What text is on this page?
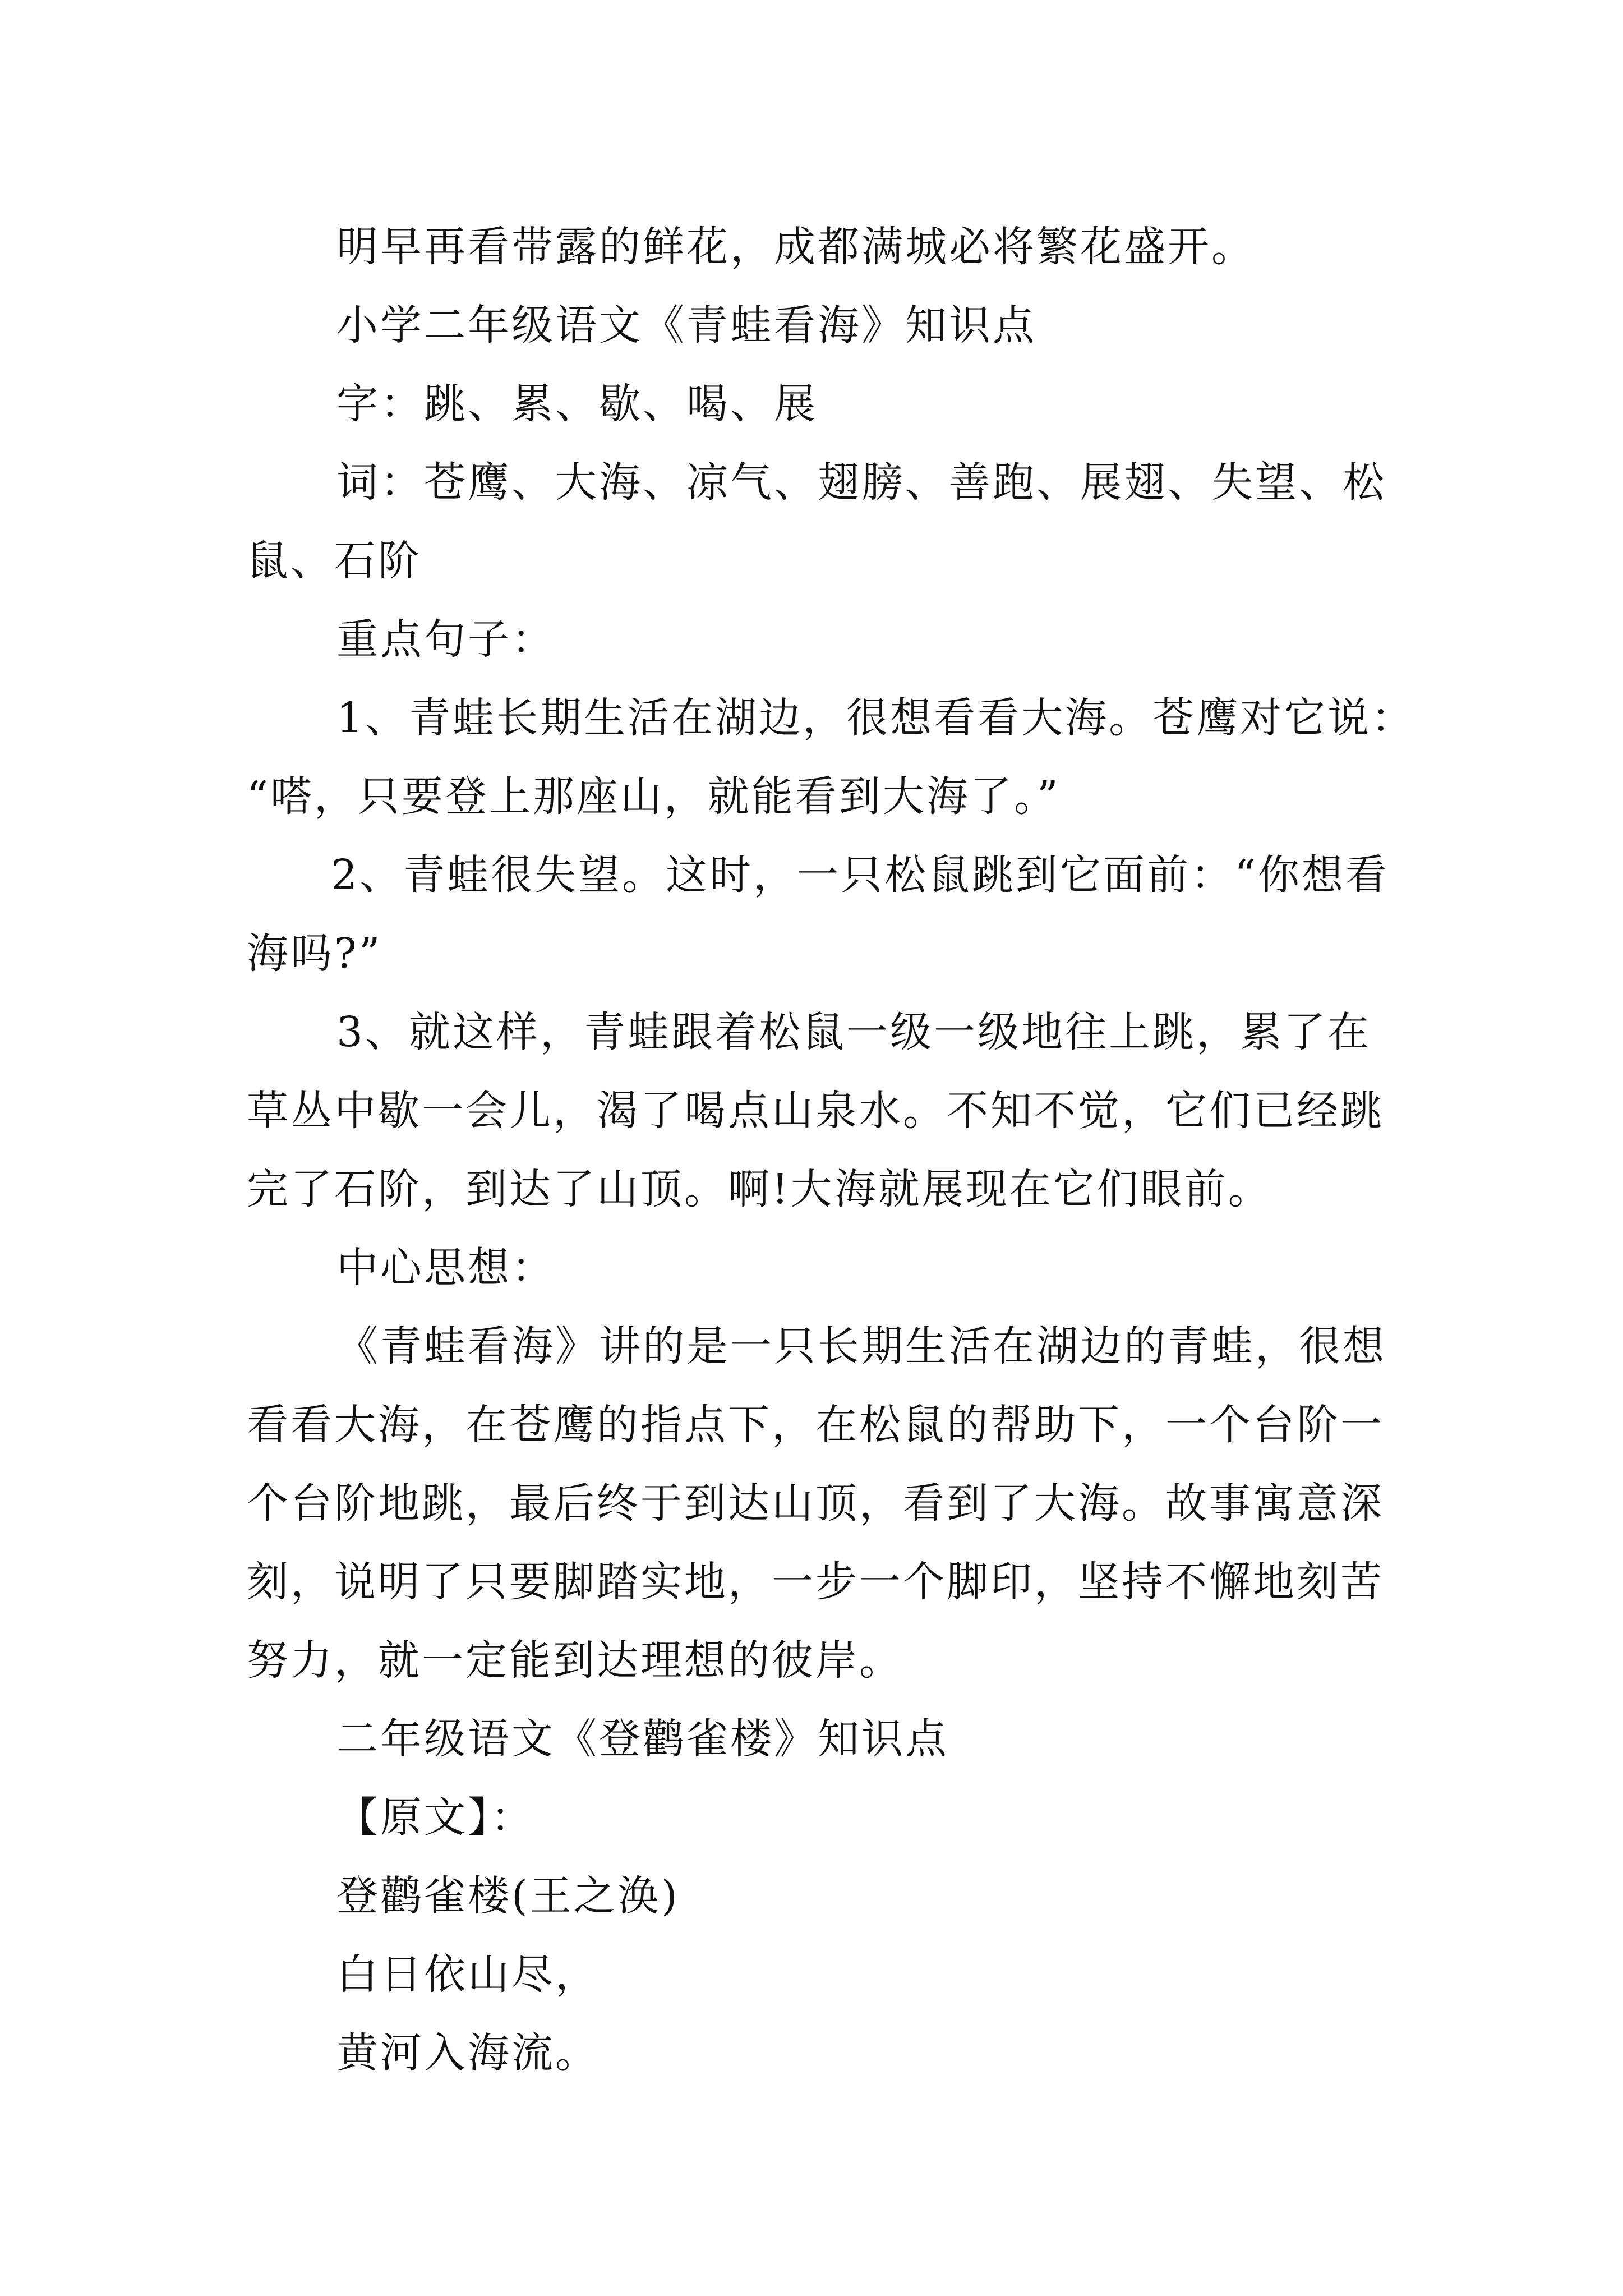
明早再看带露的鲜花，成都满城必将繁花盛开。
小学二年级语文《青蛙看海》知识点
字：跳、累、歇、喝、展
词：苍鹰、大海、凉气、翅膀、善跑、展翅、失望、松
鼠、石阶
重点句子：
1、青蛙长期生活在湖边，很想看看大海。苍鹰对它说：
“嗒，只要登上那座山，就能看到大海了。”
2、青蛙很失望。这时，一只松鼠跳到它面前：“你想看
海吗?”
3、就这样，青蛙跟着松鼠一级一级地往上跳，累了在
草丛中歇一会儿，渴了喝点山泉水。不知不觉，它们已经跳
完了石阶，到达了山顶。啊!大海就展现在它们眼前。
中心思想：
《青蛙看海》讲的是一只长期生活在湖边的青蛙，很想
看看大海，在苍鹰的指点下，在松鼠的帮助下，一个台阶一
个台阶地跳，最后终于到达山顶，看到了大海。故事寓意深
刻，说明了只要脚踏实地，一步一个脚印，坚持不懈地刻苦
努力，就一定能到达理想的彼岸。
二年级语文《登鹳雀楼》知识点
【原文】：
登鹳雀楼(王之涣)
白日依山尽，
黄河入海流。
